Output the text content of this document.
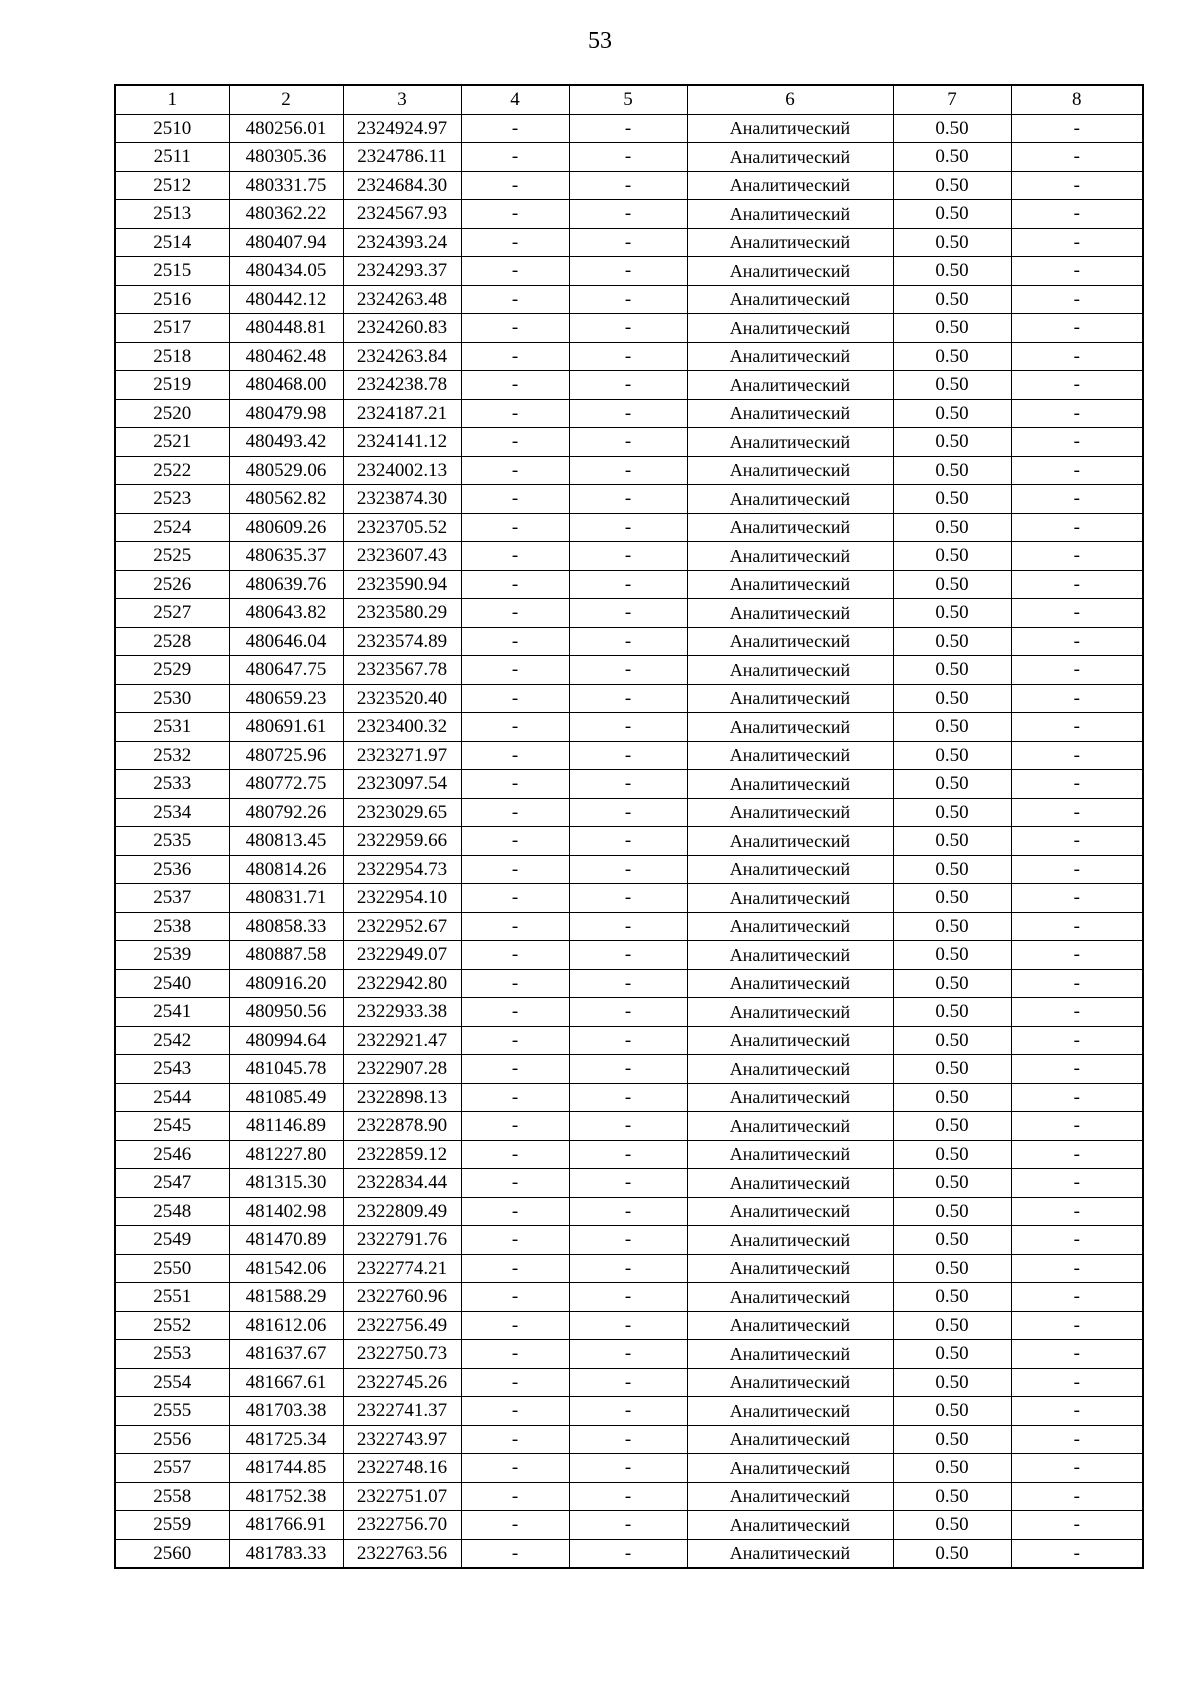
53
1	2	3	4	5	6	7	8
2510	480256.01	2324924.97	-	-	Аналитический	0.50	-
2511	480305.36	2324786.11	-	-	Аналитический	0.50	-
2512	480331.75	2324684.30	-	-	Аналитический	0.50	-
2513	480362.22	2324567.93	-	-	Аналитический	0.50	-
2514	480407.94	2324393.24	-	-	Аналитический	0.50	-
2515	480434.05	2324293.37	-	-	Аналитический	0.50	-
2516	480442.12	2324263.48	-	-	Аналитический	0.50	-
2517	480448.81	2324260.83	-	-	Аналитический	0.50	-
2518	480462.48	2324263.84	-	-	Аналитический	0.50	-
2519	480468.00	2324238.78	-	-	Аналитический	0.50	-
2520	480479.98	2324187.21	-	-	Аналитический	0.50	-
2521	480493.42	2324141.12	-	-	Аналитический	0.50	-
2522	480529.06	2324002.13	-	-	Аналитический	0.50	-
2523	480562.82	2323874.30	-	-	Аналитический	0.50	-
2524	480609.26	2323705.52	-	-	Аналитический	0.50	-
2525	480635.37	2323607.43	-	-	Аналитический	0.50	-
2526	480639.76	2323590.94	-	-	Аналитический	0.50	-
2527	480643.82	2323580.29	-	-	Аналитический	0.50	-
2528	480646.04	2323574.89	-	-	Аналитический	0.50	-
2529	480647.75	2323567.78	-	-	Аналитический	0.50	-
2530	480659.23	2323520.40	-	-	Аналитический	0.50	-
2531	480691.61	2323400.32	-	-	Аналитический	0.50	-
2532	480725.96	2323271.97	-	-	Аналитический	0.50	-
2533	480772.75	2323097.54	-	-	Аналитический	0.50	-
2534	480792.26	2323029.65	-	-	Аналитический	0.50	-
2535	480813.45	2322959.66	-	-	Аналитический	0.50	-
2536	480814.26	2322954.73	-	-	Аналитический	0.50	-
2537	480831.71	2322954.10	-	-	Аналитический	0.50	-
2538	480858.33	2322952.67	-	-	Аналитический	0.50	-
2539	480887.58	2322949.07	-	-	Аналитический	0.50	-
2540	480916.20	2322942.80	-	-	Аналитический	0.50	-
2541	480950.56	2322933.38	-	-	Аналитический	0.50	-
2542	480994.64	2322921.47	-	-	Аналитический	0.50	-
2543	481045.78	2322907.28	-	-	Аналитический	0.50	-
2544	481085.49	2322898.13	-	-	Аналитический	0.50	-
2545	481146.89	2322878.90	-	-	Аналитический	0.50	-
2546	481227.80	2322859.12	-	-	Аналитический	0.50	-
2547	481315.30	2322834.44	-	-	Аналитический	0.50	-
2548	481402.98	2322809.49	-	-	Аналитический	0.50	-
2549	481470.89	2322791.76	-	-	Аналитический	0.50	-
2550	481542.06	2322774.21	-	-	Аналитический	0.50	-
2551	481588.29	2322760.96	-	-	Аналитический	0.50	-
2552	481612.06	2322756.49	-	-	Аналитический	0.50	-
2553	481637.67	2322750.73	-	-	Аналитический	0.50	-
2554	481667.61	2322745.26	-	-	Аналитический	0.50	-
2555	481703.38	2322741.37	-	-	Аналитический	0.50	-
2556	481725.34	2322743.97	-	-	Аналитический	0.50	-
2557	481744.85	2322748.16	-	-	Аналитический	0.50	-
2558	481752.38	2322751.07	-	-	Аналитический	0.50	-
2559	481766.91	2322756.70	-	-	Аналитический	0.50	-
2560	481783.33	2322763.56	-	-	Аналитический	0.50	-
